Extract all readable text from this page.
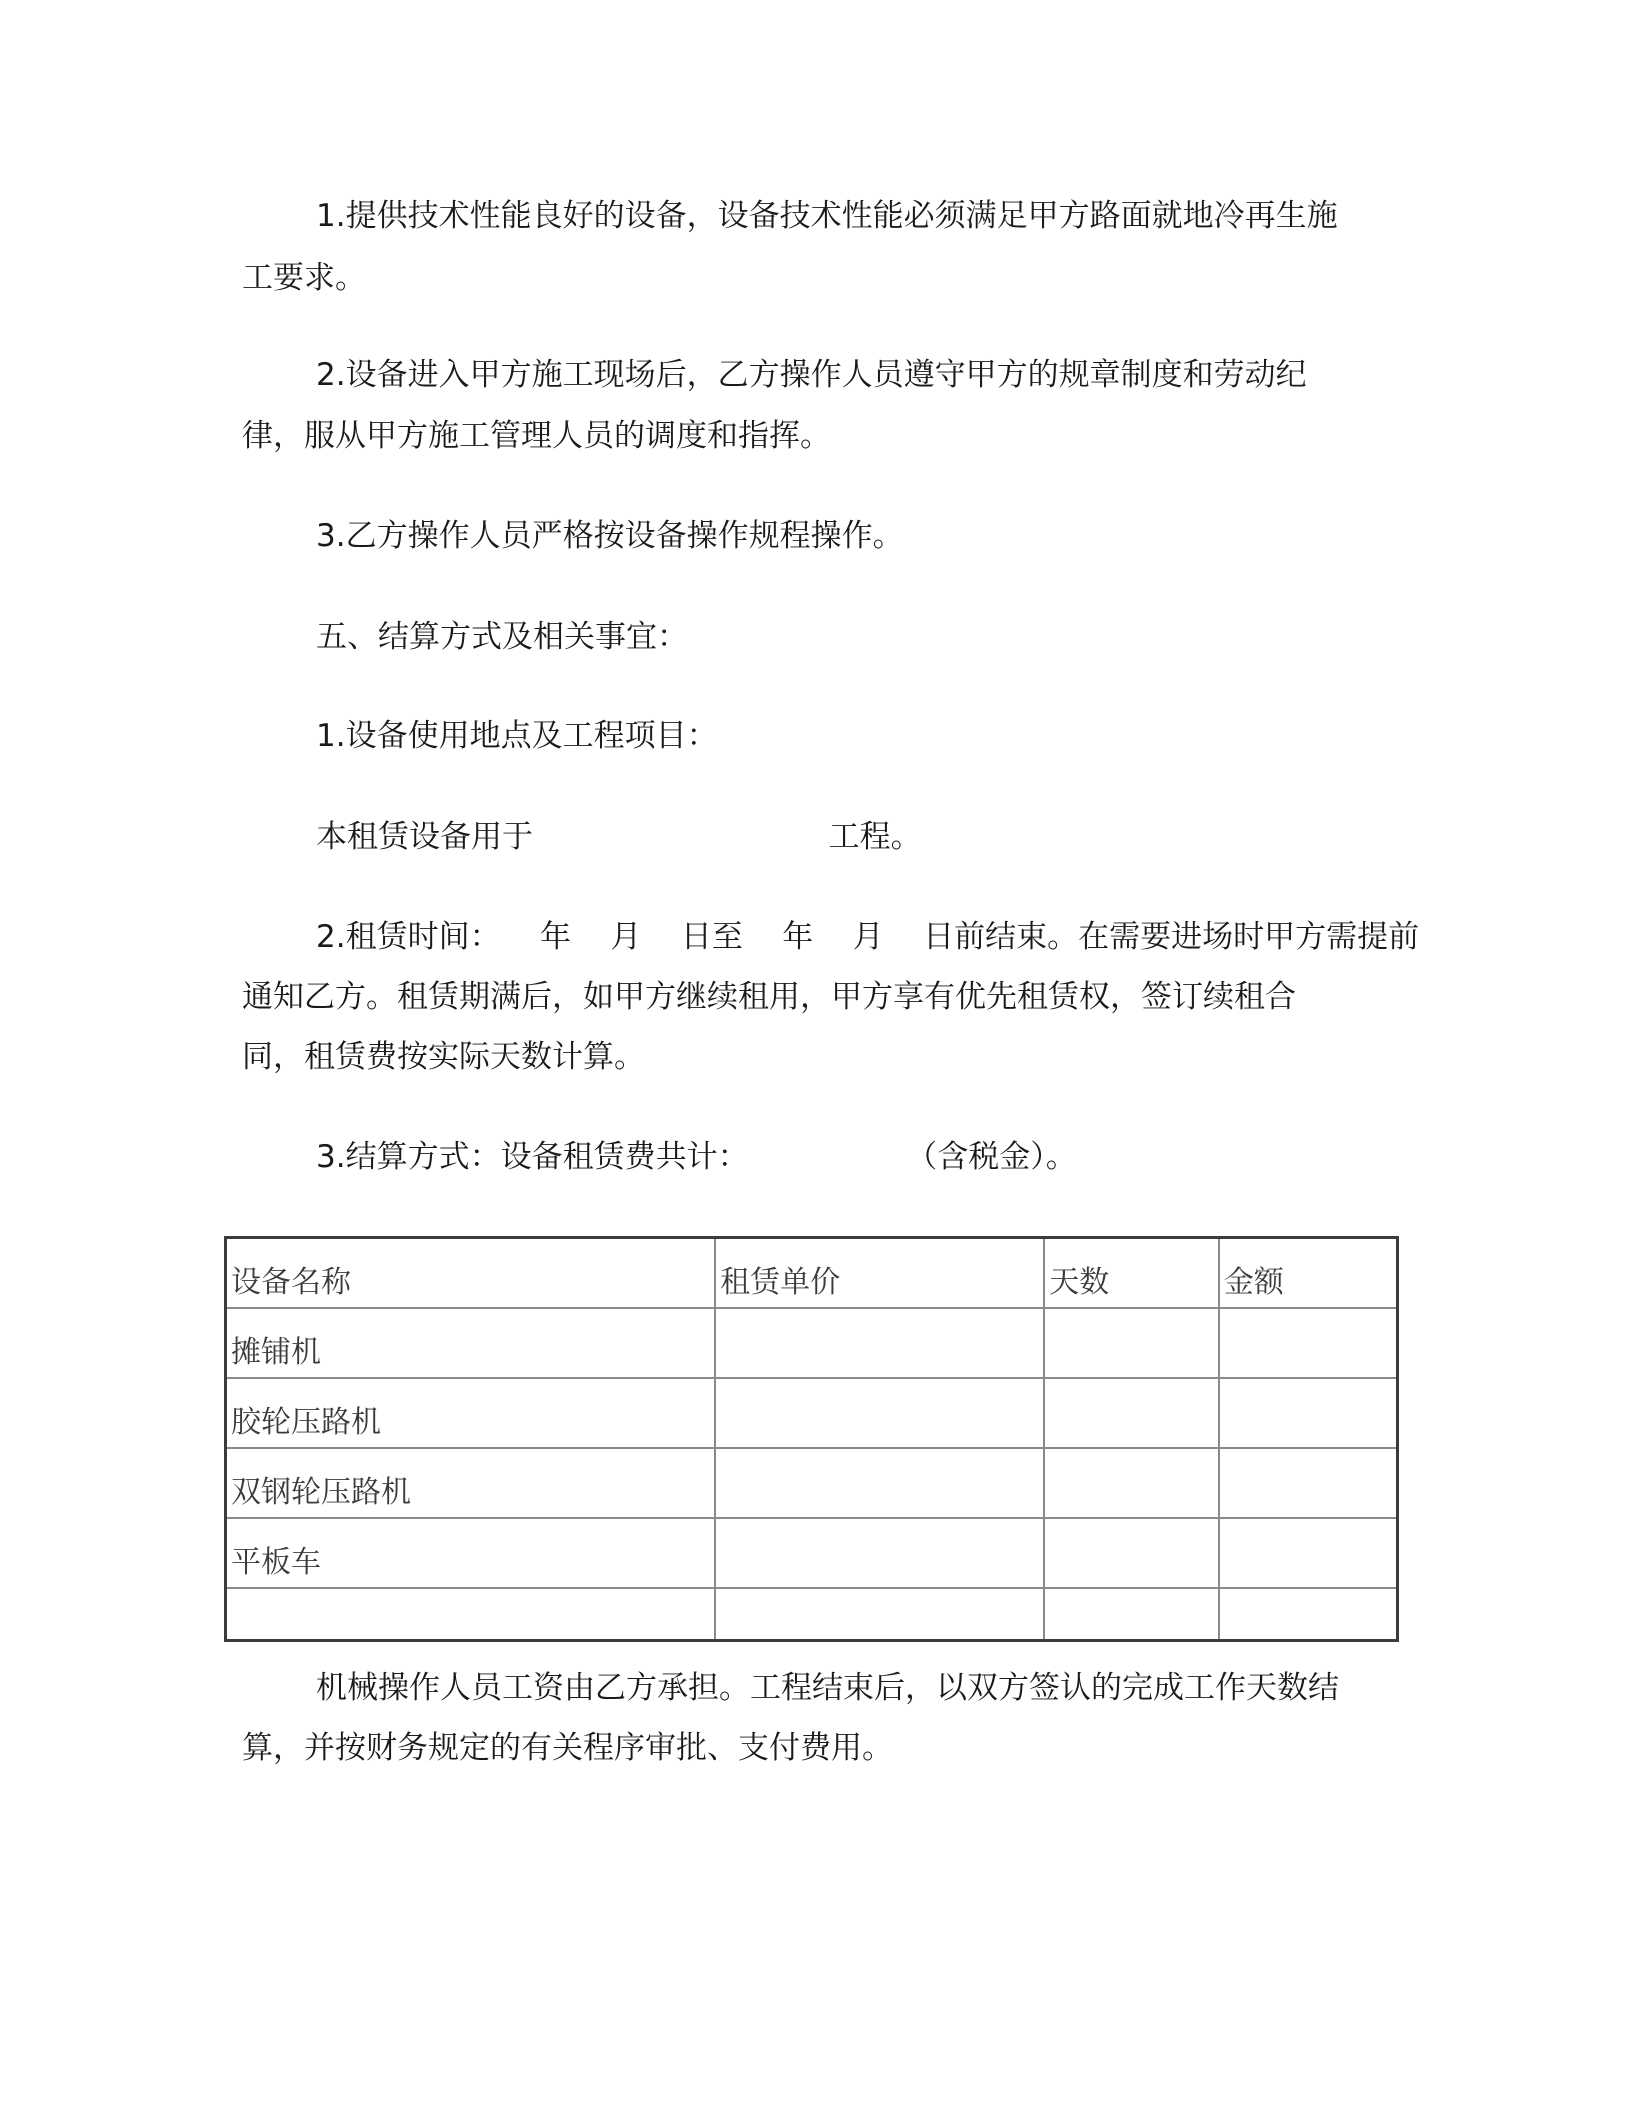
1.提供技术性能良好的设备，设备技术性能必须满足甲方路面就地冷再生施

工要求。

2.设备进入甲方施工现场后，乙方操作人员遵守甲方的规章制度和劳动纪

律，服从甲方施工管理人员的调度和指挥。

3.乙方操作人员严格按设备操作规程操作。

五、结算方式及相关事宜：

1.设备使用地点及工程项目：

本租赁设备用于                              工程。

2.租赁时间：    年    月    日至    年    月    日前结束。在需要进场时甲方需提前

通知乙方。租赁期满后，如甲方继续租用，甲方享有优先租赁权，签订续租合

同，租赁费按实际天数计算。

3.结算方式：设备租赁费共计：                （含税金）。

设备名称	租赁单价	天数	金额
摊铺机			
胶轮压路机			
双钢轮压路机			
平板车			

机械操作人员工资由乙方承担。工程结束后，以双方签认的完成工作天数结

算，并按财务规定的有关程序审批、支付费用。
